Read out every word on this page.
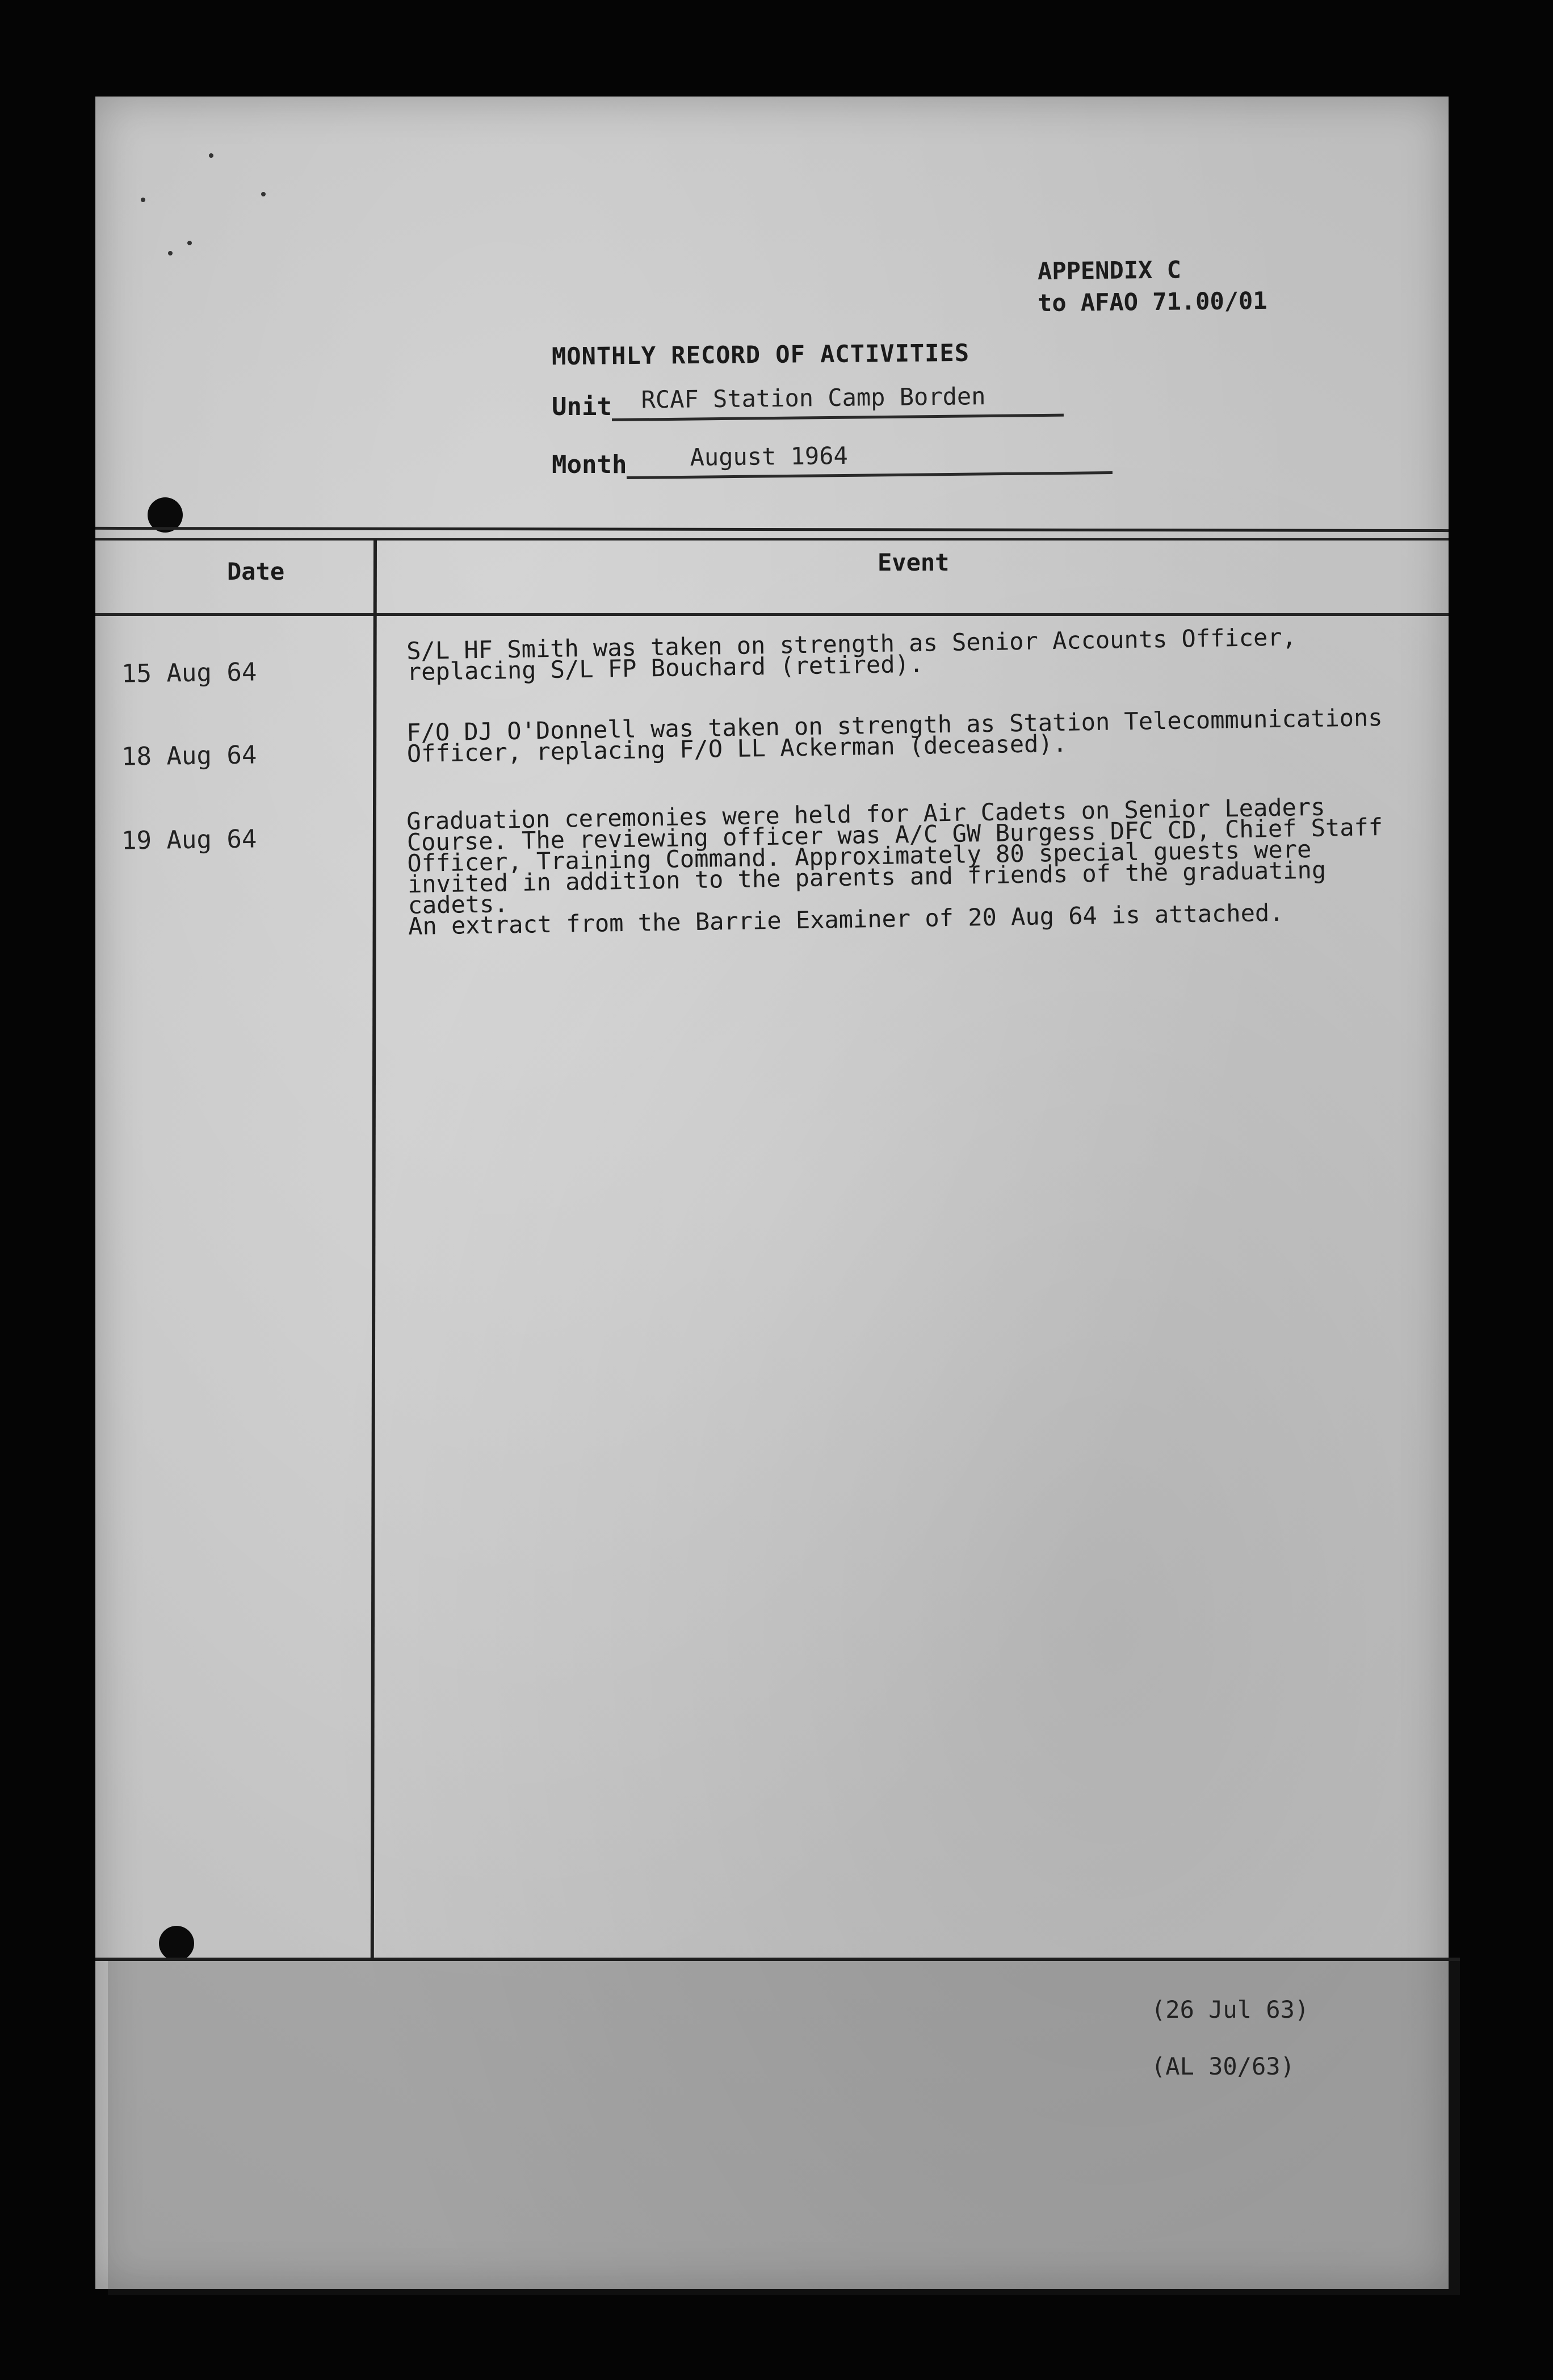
APPENDIX C
to AFAO 71.00/01
MONTHLY RECORD OF ACTIVITIES
Unit	RCAF Station Camp Borden
Month	August 1964
Date	Event
15 Aug 64
S/L HF Smith was taken on strength as Senior Accounts Officer,
replacing S/L FP Bouchard (retired).
18 Aug 64
F/O DJ O'Donnell was taken on strength as Station Telecommunications
Officer, replacing F/O LL Ackerman (deceased).
19 Aug 64
Graduation ceremonies were held for Air Cadets on Senior Leaders
Course. The reviewing officer was A/C GW Burgess DFC CD, Chief Staff
Officer, Training Command. Approximately 80 special guests were
invited in addition to the parents and friends of the graduating cadets.
An extract from the Barrie Examiner of 20 Aug 64 is attached.
(26 Jul 63)
(AL 30/63)
